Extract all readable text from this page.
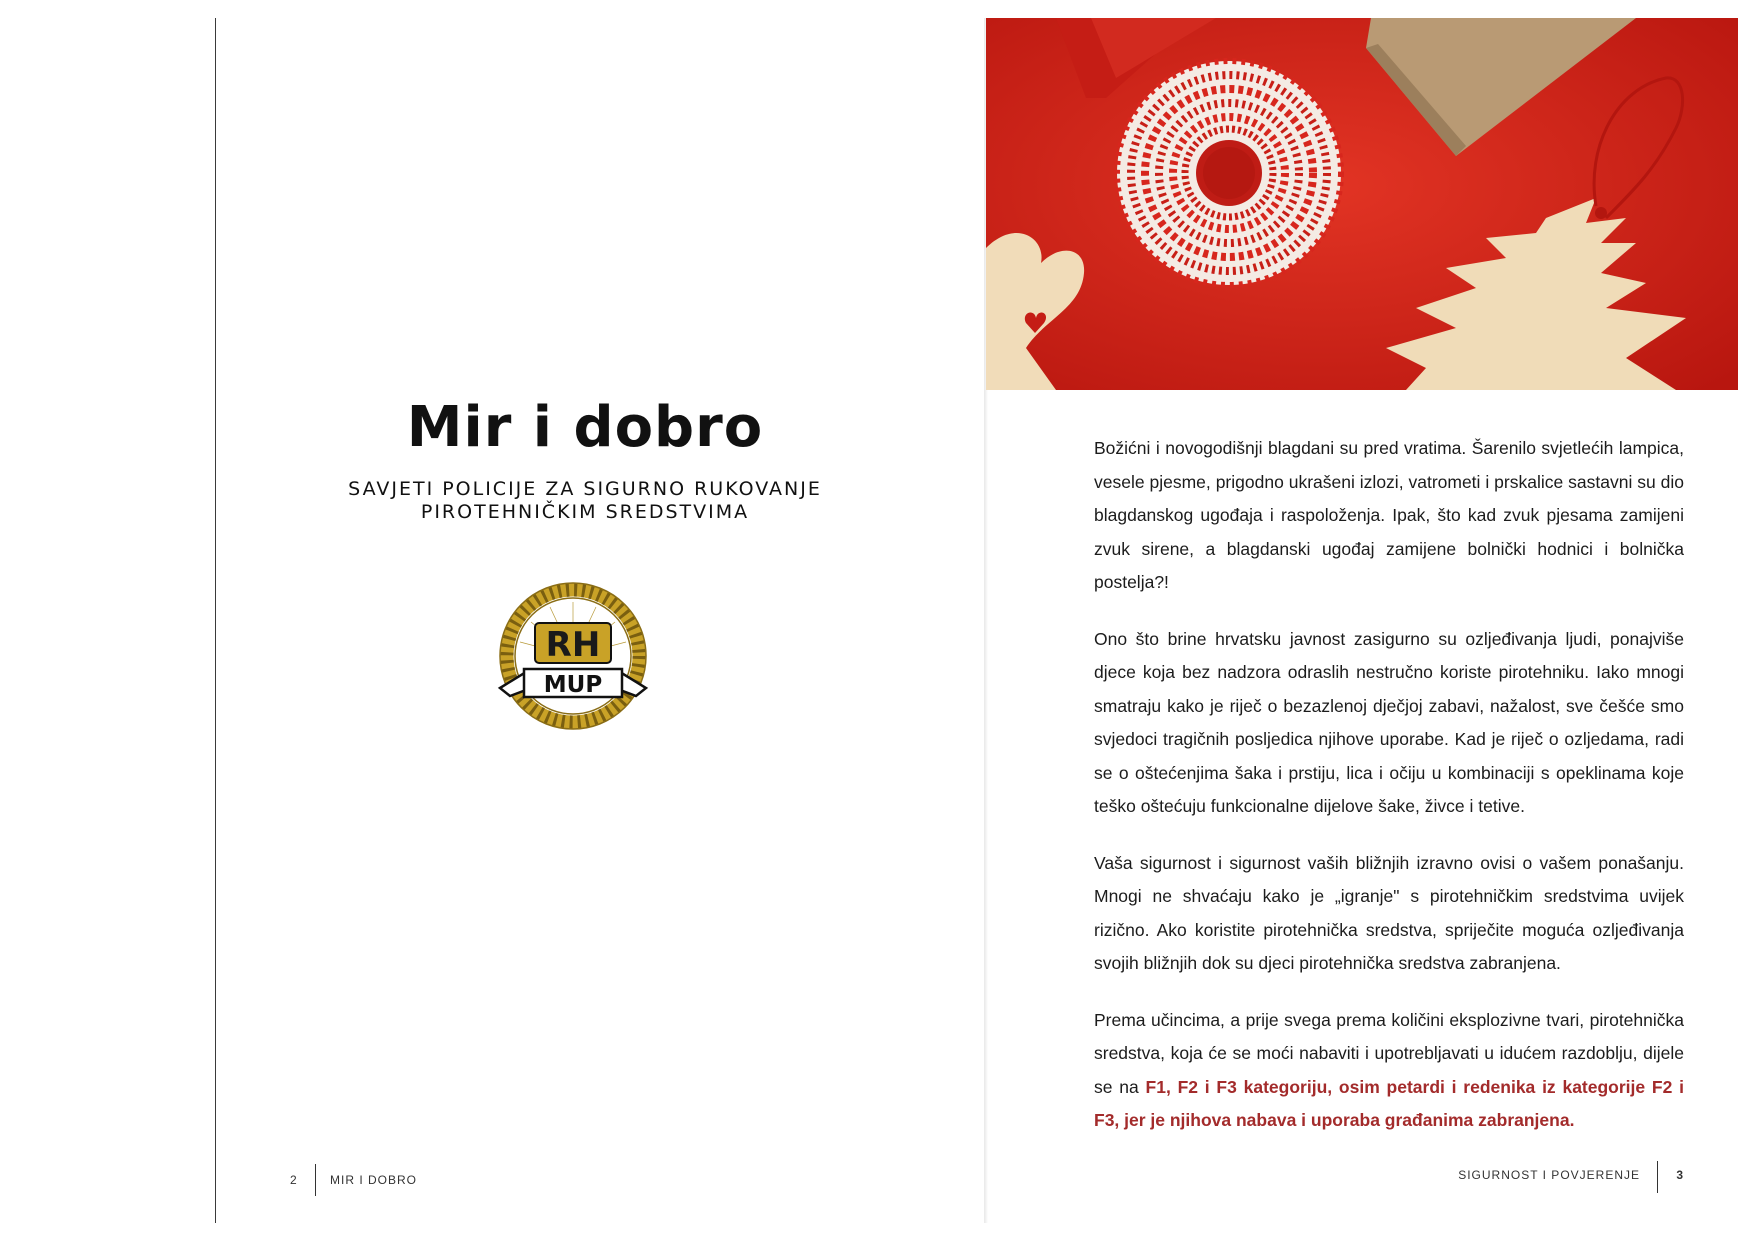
Mir i dobro
SAVJETI POLICIJE ZA SIGURNO RUKOVANJE
PIROTEHNIČKIM SREDSTVIMA
RH
MUP
2	MIR I DOBRO

Božićni i novogodišnji blagdani su pred vratima. Šarenilo svjetlećih lampica, vesele pjesme, prigodno ukrašeni izlozi, vatrometi i prskalice sastavni su dio blagdanskog ugođaja i raspoloženja. Ipak, što kad zvuk pjesama zamijeni zvuk sirene, a blagdanski ugođaj zamijene bolnički hodnici i bolnička postelja?!

Ono što brine hrvatsku javnost zasigurno su ozljeđivanja ljudi, ponajviše djece koja bez nadzora odraslih nestručno koriste pirotehniku. Iako mnogi smatraju kako je riječ o bezazlenoj dječjoj zabavi, nažalost, sve češće smo svjedoci tragičnih posljedica njihove uporabe. Kad je riječ o ozljedama, radi se o oštećenjima šaka i prstiju, lica i očiju u kombinaciji s opeklinama koje teško oštećuju funkcionalne dijelove šake, živce i tetive.

Vaša sigurnost i sigurnost vaših bližnjih izravno ovisi o vašem ponašanju. Mnogi ne shvaćaju kako je „igranje" s pirotehničkim sredstvima uvijek rizično. Ako koristite pirotehnička sredstva, spriječite moguća ozljeđivanja svojih bližnjih dok su djeci pirotehnička sredstva zabranjena.

Prema učincima, a prije svega prema količini eksplozivne tvari, pirotehnička sredstva, koja će se moći nabaviti i upotrebljavati u idućem razdoblju, dijele se na F1, F2 i F3 kategoriju, osim petardi i redenika iz kategorije F2 i F3, jer je njihova nabava i uporaba građanima zabranjena.

SIGURNOST I POVJERENJE	3
